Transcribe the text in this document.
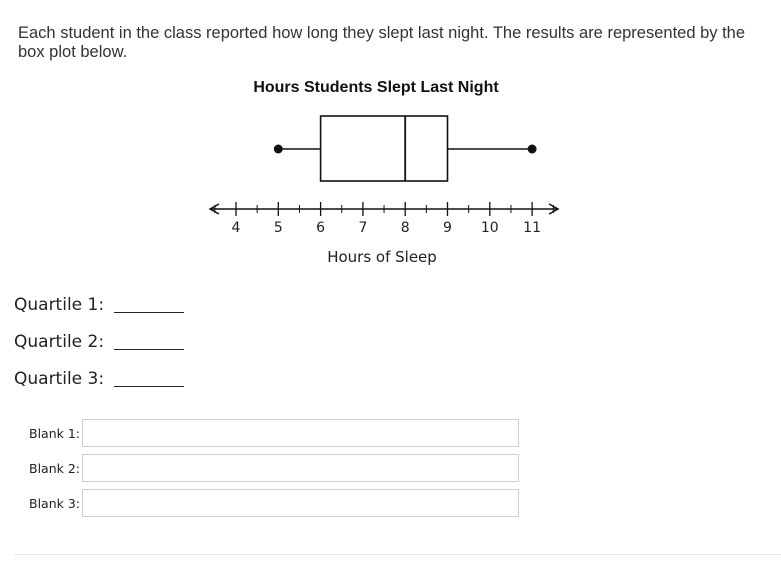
Each student in the class reported how long they slept last night. The results are represented by the box plot below.
Hours Students Slept Last Night
4 5 6 7 8 9 10 11
Hours of Sleep
Quartile 1:
Quartile 2:
Quartile 3:
Blank 1:
Blank 2:
Blank 3:
